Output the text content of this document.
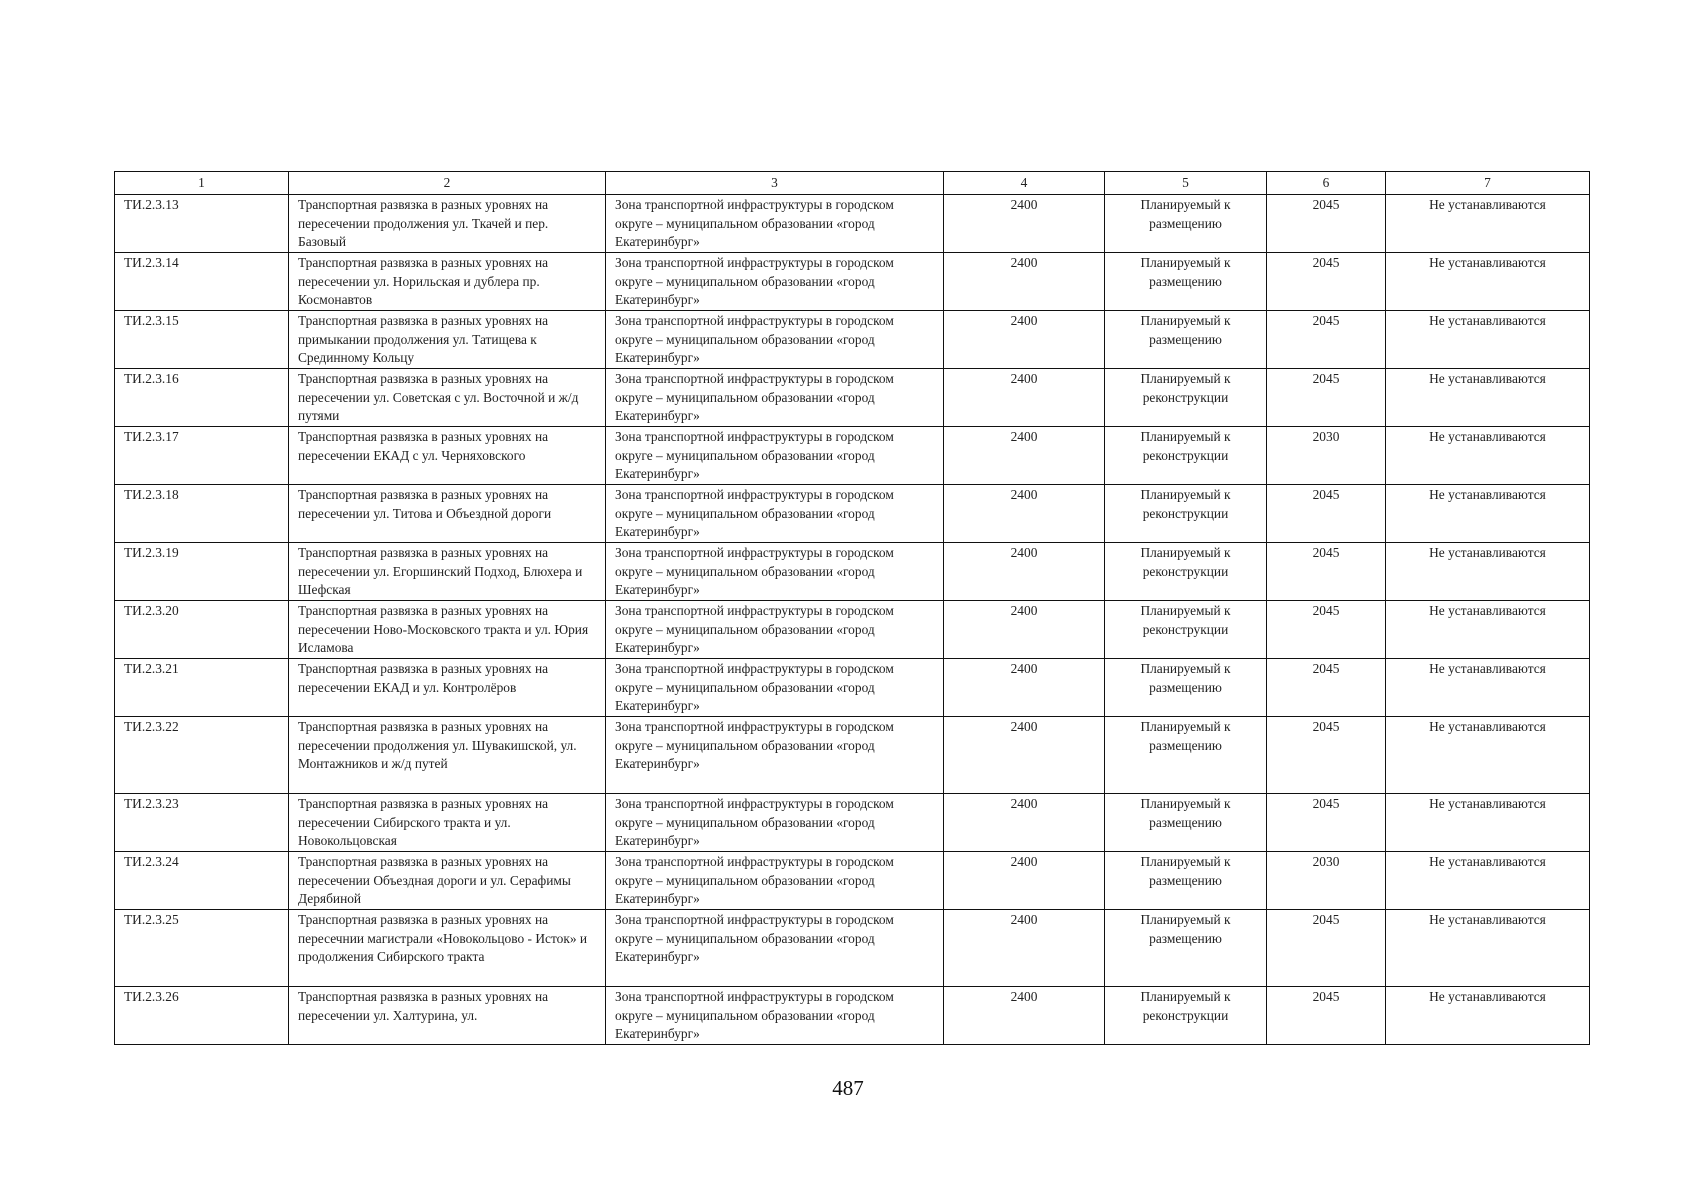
1	2	3	4	5	6	7
ТИ.2.3.13	Транспортная развязка в разных уровнях на пересечении продолжения ул. Ткачей и пер. Базовый	Зона транспортной инфраструктуры в городском округе – муниципальном образовании «город Екатеринбург»	2400	Планируемый к размещению	2045	Не устанавливаются
ТИ.2.3.14	Транспортная развязка в разных уровнях на пересечении ул. Норильская и дублера пр. Космонавтов	Зона транспортной инфраструктуры в городском округе – муниципальном образовании «город Екатеринбург»	2400	Планируемый к размещению	2045	Не устанавливаются
ТИ.2.3.15	Транспортная развязка в разных уровнях на примыкании продолжения ул. Татищева к Срединному Кольцу	Зона транспортной инфраструктуры в городском округе – муниципальном образовании «город Екатеринбург»	2400	Планируемый к размещению	2045	Не устанавливаются
ТИ.2.3.16	Транспортная развязка в разных уровнях на пересечении ул. Советская с ул. Восточной и ж/д путями	Зона транспортной инфраструктуры в городском округе – муниципальном образовании «город Екатеринбург»	2400	Планируемый к реконструкции	2045	Не устанавливаются
ТИ.2.3.17	Транспортная развязка в разных уровнях на пересечении ЕКАД с ул. Черняховского	Зона транспортной инфраструктуры в городском округе – муниципальном образовании «город Екатеринбург»	2400	Планируемый к реконструкции	2030	Не устанавливаются
ТИ.2.3.18	Транспортная развязка в разных уровнях на пересечении ул. Титова и Объездной дороги	Зона транспортной инфраструктуры в городском округе – муниципальном образовании «город Екатеринбург»	2400	Планируемый к реконструкции	2045	Не устанавливаются
ТИ.2.3.19	Транспортная развязка в разных уровнях на пересечении ул. Егоршинский Подход, Блюхера и Шефская	Зона транспортной инфраструктуры в городском округе – муниципальном образовании «город Екатеринбург»	2400	Планируемый к реконструкции	2045	Не устанавливаются
ТИ.2.3.20	Транспортная развязка в разных уровнях на пересечении Ново-Московского тракта и ул. Юрия Исламова	Зона транспортной инфраструктуры в городском округе – муниципальном образовании «город Екатеринбург»	2400	Планируемый к реконструкции	2045	Не устанавливаются
ТИ.2.3.21	Транспортная развязка в разных уровнях на пересечении ЕКАД и ул. Контролёров	Зона транспортной инфраструктуры в городском округе – муниципальном образовании «город Екатеринбург»	2400	Планируемый к размещению	2045	Не устанавливаются
ТИ.2.3.22	Транспортная развязка в разных уровнях на пересечении продолжения ул. Шувакишской, ул. Монтажников и ж/д путей	Зона транспортной инфраструктуры в городском округе – муниципальном образовании «город Екатеринбург»	2400	Планируемый к размещению	2045	Не устанавливаются
ТИ.2.3.23	Транспортная развязка в разных уровнях на пересечении Сибирского тракта и ул. Новокольцовская	Зона транспортной инфраструктуры в городском округе – муниципальном образовании «город Екатеринбург»	2400	Планируемый к размещению	2045	Не устанавливаются
ТИ.2.3.24	Транспортная развязка в разных уровнях на пересечении Объездная дороги и ул. Серафимы Дерябиной	Зона транспортной инфраструктуры в городском округе – муниципальном образовании «город Екатеринбург»	2400	Планируемый к размещению	2030	Не устанавливаются
ТИ.2.3.25	Транспортная развязка в разных уровнях на пересечнии магистрали «Новокольцово - Исток» и продолжения Сибирского тракта	Зона транспортной инфраструктуры в городском округе – муниципальном образовании «город Екатеринбург»	2400	Планируемый к размещению	2045	Не устанавливаются
ТИ.2.3.26	Транспортная развязка в разных уровнях на пересечении ул. Халтурина, ул.	Зона транспортной инфраструктуры в городском округе – муниципальном образовании «город Екатеринбург»	2400	Планируемый к реконструкции	2045	Не устанавливаются
487
